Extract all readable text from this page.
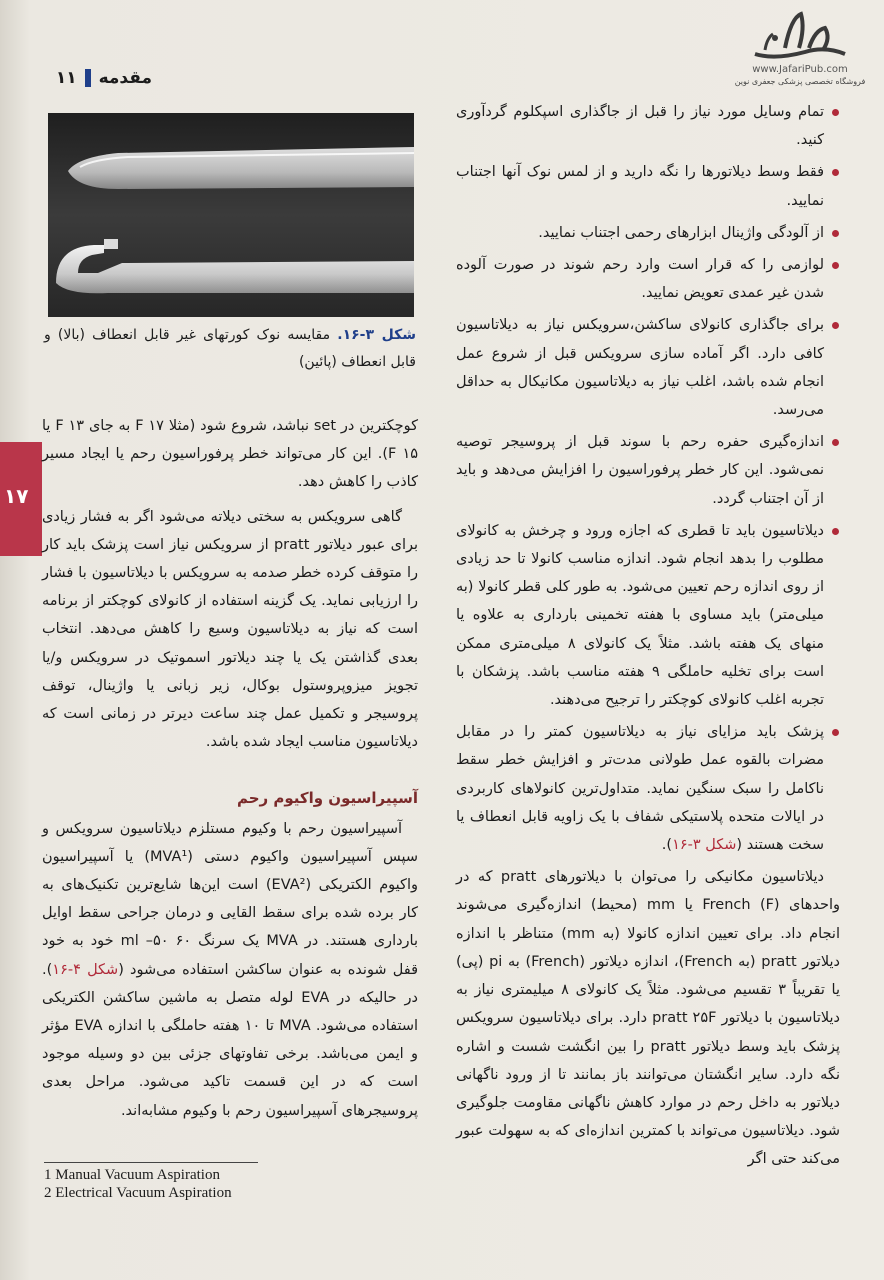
مقدمه
۱۱	www.JafariPub.com
فروشگاه تخصصی پزشکی جعفری نوین
شکل ۳-۱۶. مقایسه نوک کورتهای غیر قابل انعطاف (بالا) و قابل انعطاف (پائین)
۱۷

کوچکترین در set نباشد، شروع شود (مثلا ۱۷ F به جای ۱۳ F یا ۱۵ F). این کار می‌تواند خطر پرفوراسیون رحم یا ایجاد مسیر کاذب را کاهش دهد.

گاهی سرویکس به سختی دیلاته می‌شود اگر به فشار زیادی برای عبور دیلاتور pratt از سرویکس نیاز است پزشک باید کار را متوقف کرده خطر صدمه به سرویکس با دیلاتاسیون با فشار را ارزیابی نماید. یک گزینه استفاده از کانولای کوچکتر از برنامه است که نیاز به دیلاتاسیون وسیع را کاهش می‌دهد. انتخاب بعدی گذاشتن یک یا چند دیلاتور اسموتیک در سرویکس و/یا تجویز میزوپروستول بوکال، زیر زبانی یا واژینال، توقف پروسیجر و تکمیل عمل چند ساعت دیرتر در زمانی است که دیلاتاسیون مناسب ایجاد شده باشد.

آسپیراسیون واکیوم رحم

آسپیراسیون رحم با وکیوم مستلزم دیلاتاسیون سرویکس و سپس آسپیراسیون واکیوم دستی (MVA¹) یا آسپیراسیون واکیوم الکتریکی (EVA²) است این‌ها شایع‌ترین تکنیک‌های به کار برده شده برای سقط القایی و درمان جراحی سقط اوایل بارداری هستند. در MVA یک سرنگ ۶۰ ml –۵۰ خود به خود قفل شونده به عنوان ساکشن استفاده می‌شود (شکل ۴-۱۶). در حالیکه در EVA لوله متصل به ماشین ساکشن الکتریکی استفاده می‌شود. MVA تا ۱۰ هفته حاملگی با اندازه EVA مؤثر و ایمن می‌باشد. برخی تفاوتهای جزئی بین دو وسیله موجود است که در این قسمت تاکید می‌شود. مراحل بعدی پروسیجرهای آسپیراسیون رحم با وکیوم مشابه‌اند.

تمام وسایل مورد نیاز را قبل از جاگذاری اسپکلوم گردآوری کنید.
فقط وسط دیلاتورها را نگه دارید و از لمس نوک آنها اجتناب نمایید.
از آلودگی واژینال ابزارهای رحمی اجتناب نمایید.
لوازمی را که قرار است وارد رحم شوند در صورت آلوده شدن غیر عمدی تعویض نمایید.
برای جاگذاری کانولای ساکشن،سرویکس نیاز به دیلاتاسیون کافی دارد. اگر آماده سازی سرویکس قبل از شروع عمل انجام شده باشد، اغلب نیاز به دیلاتاسیون مکانیکال به حداقل می‌رسد.
اندازه‌گیری حفره رحم با سوند قبل از پروسیجر توصیه نمی‌شود. این کار خطر پرفوراسیون را افزایش می‌دهد و باید از آن اجتناب گردد.
دیلاتاسیون باید تا قطری که اجازه ورود و چرخش به کانولای مطلوب را بدهد انجام شود. اندازه مناسب کانولا تا حد زیادی از روی اندازه رحم تعیین می‌شود. به طور کلی قطر کانولا (به میلی‌متر) باید مساوی با هفته تخمینی بارداری به علاوه یا منهای یک هفته باشد. مثلاً یک کانولای ۸ میلی‌متری ممکن است برای تخلیه حاملگی ۹ هفته مناسب باشد. پزشکان با تجربه اغلب کانولای کوچکتر را ترجیح می‌دهند.
پزشک باید مزایای نیاز به دیلاتاسیون کمتر را در مقابل مضرات بالقوه عمل طولانی مدت‌تر و افزایش خطر سقط ناکامل را سبک سنگین نماید. متداول‌ترین کانولاهای کاربردی در ایالات متحده پلاستیکی شفاف با یک زاویه قابل انعطاف یا سخت هستند (شکل ۳-۱۶).

دیلاتاسیون مکانیکی را می‌توان با دیلاتورهای pratt که در واحدهای French (F) یا mm (محیط) اندازه‌گیری می‌شوند انجام داد. برای تعیین اندازه کانولا (به mm) متناظر با اندازه دیلاتور pratt (به French)، اندازه دیلاتور (French) به pi (پی) یا تقریباً ۳ تقسیم می‌شود. مثلاً یک کانولای ۸ میلیمتری نیاز به دیلاتاسیون با دیلاتور pratt ۲۵F دارد. برای دیلاتاسیون سرویکس پزشک باید وسط دیلاتور pratt را بین انگشت شست و اشاره نگه دارد. سایر انگشتان می‌توانند باز بمانند تا از ورود ناگهانی دیلاتور به داخل رحم در موارد کاهش ناگهانی مقاومت جلوگیری شود. دیلاتاسیون می‌تواند با کمترین اندازه‌ای که به سهولت عبور می‌کند حتی اگر

1 Manual Vacuum Aspiration
2 Electrical Vacuum Aspiration
